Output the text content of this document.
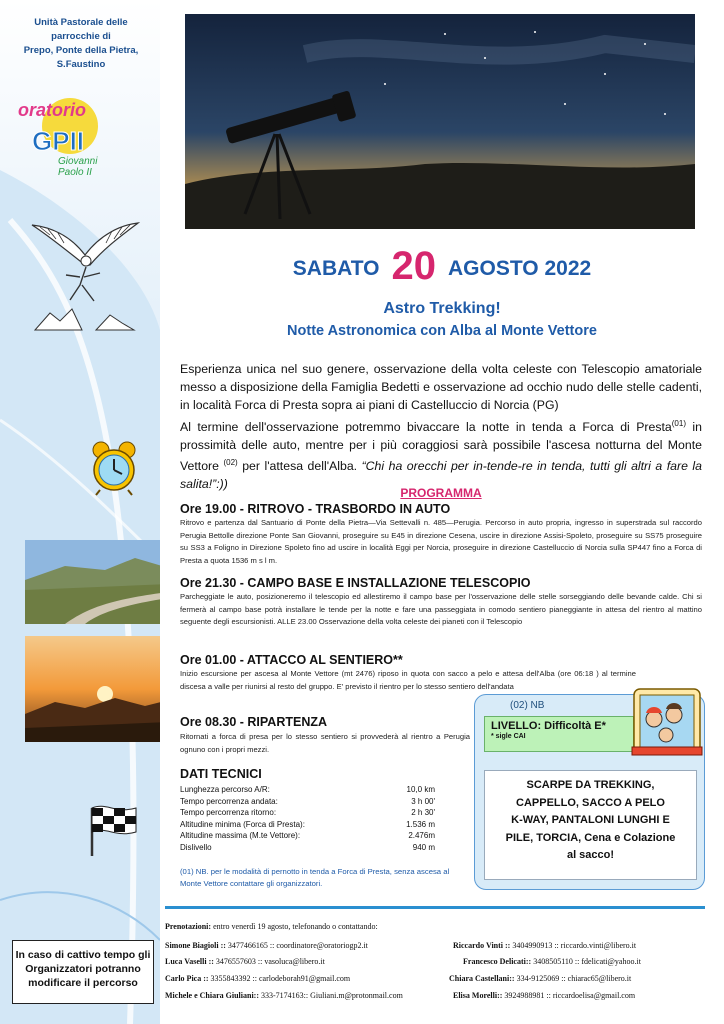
Unità Pastorale delle
parrocchie di
Prepo, Ponte della Pietra,
S.Faustino
oratorio
GPII
Giovanni
Paolo II
In caso di cattivo tempo gli
Organizzatori potranno
modificare il percorso
SABATO 20 AGOSTO 2022
Astro Trekking!
Notte Astronomica con Alba al Monte Vettore
Esperienza unica nel suo genere, osservazione della volta celeste con Telescopio amatoriale messo a disposizione della Famiglia Bedetti e osservazione ad occhio nudo delle stelle cadenti, in località Forca di Presta sopra ai piani di Castelluccio di Norcia (PG)
Al termine dell'osservazione potremmo bivaccare la notte in tenda a Forca di Presta$^{(01)}$ in prossimità delle auto, mentre per i più coraggiosi sarà possibile l'ascesa notturna del Monte Vettore $^{(02)}$ per l'attesa dell'Alba. “Chi ha orecchi per in-tende-re in tenda, tutti gli altri a fare la salita!”:))
PROGRAMMA
Ore 19.00 - RITROVO - TRASBORDO IN AUTO
Ritrovo e partenza dal Santuario di Ponte della Pietra—Via Settevalli n. 485—Perugia. Percorso in auto propria, ingresso in superstrada sul raccordo Perugia Bettolle direzione Ponte San Giovanni, proseguire su E45 in direzione Cesena, uscire in direzione Assisi-Spoleto, proseguire su SS75 proseguire su SS3 a Foligno in Direzione Spoleto fino ad uscire in località Eggi per Norcia, proseguire in direzione Castelluccio di Norcia sulla SP447 fino a Forca di Presta a quota 1536 m s l m.
Ore 21.30 - CAMPO BASE E INSTALLAZIONE TELESCOPIO
Parcheggiate le auto, posizioneremo il telescopio ed allestiremo il campo base per l'osservazione delle stelle sorseggiando delle bevande calde. Chi si fermerà al campo base potrà installare le tende per la notte e fare una passeggiata in comodo sentiero pianeggiante in attesa del rientro al mattino seguente degli escursionisti. ALLE 23.00 Osservazione della volta celeste dei pianeti con il Telescopio
Ore 01.00 - ATTACCO AL SENTIERO**
Inizio escursione per ascesa al Monte Vettore (mt 2476) riposo in quota con sacco a pelo e attesa dell'Alba (ore 06:18 ) al termine discesa a valle per riunirsi al resto del gruppo. E' previsto il rientro per lo stesso sentiero dell'andata
Ore 08.30 - RIPARTENZA
Ritornati a forca di presa per lo stesso sentiero si provvederà al rientro a Perugia ognuno con i propri mezzi.
DATI TECNICI
Lunghezza percorso A/R:	10,0 km
Tempo percorrenza andata:	3 h 00'
Tempo percorrenza ritorno:	2 h 30'
Altitudine minima (Forca di Presta):	1.536 m
Altitudine massima (M.te Vettore):	2.476m
Dislivello	940 m
(01) NB. per le modalità di pernotto in tenda a Forca di Presta, senza ascesa al Monte Vettore contattare gli organizzatori.
(02) NB
LIVELLO: Difficoltà E*
* sigle CAI
SCARPE DA TREKKING,
CAPPELLO, SACCO A PELO
K-WAY, PANTALONI LUNGHI E
PILE, TORCIA, Cena e Colazione
al sacco!
Prenotazioni: entro venerdì 19 agosto, telefonando o contattando:
Simone Biagioli :: 3477466165 :: coordinatore@oratoriogp2.it	Riccardo Vinti :: 3404990913 :: riccardo.vinti@libero.it
Luca Vaselli :: 3476557603 :: vasoluca@libero.it	Francesco Delicati:: 3408505110 :: fdelicati@yahoo.it
Carlo Pica :: 3355843392 :: carlodeborah91@gmail.com	Chiara Castellani:: 334-9125069 :: chiarac65@libero.it
Michele e Chiara Giuliani:: 333-7174163:: Giuliani.m@protonmail.com	Elisa Morelli:: 3924988981 :: riccardoelisa@gmail.com
